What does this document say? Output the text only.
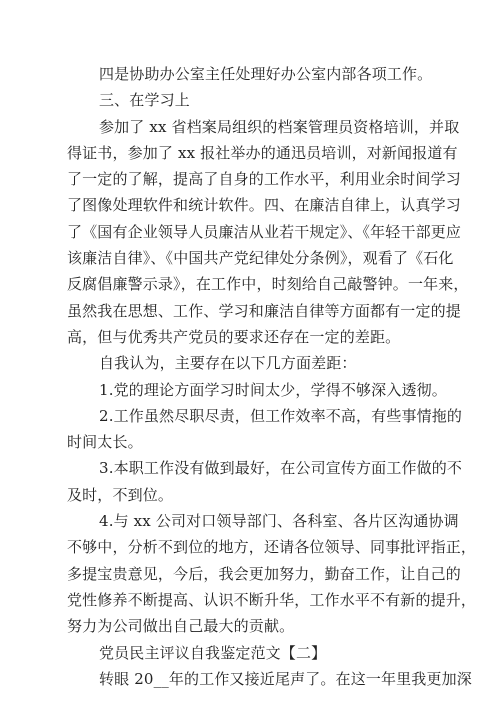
四是协助办公室主任处理好办公室内部各项工作。
三、在学习上
参加了 xx 省档案局组织的档案管理员资格培训，并取
得证书，参加了 xx 报社举办的通迅员培训，对新闻报道有
了一定的了解，提高了自身的工作水平，利用业余时间学习
了图像处理软件和统计软件。四、在廉洁自律上，认真学习
了《国有企业领导人员廉洁从业若干规定》、《年轻干部更应
该廉洁自律》、《中国共产党纪律处分条例》，观看了《石化
反腐倡廉警示录》，在工作中，时刻给自己敲警钟。一年来，
虽然我在思想、工作、学习和廉洁自律等方面都有一定的提
高，但与优秀共产党员的要求还存在一定的差距。
自我认为，主要存在以下几方面差距：
1.党的理论方面学习时间太少，学得不够深入透彻。
2.工作虽然尽职尽责，但工作效率不高，有些事情拖的
时间太长。
3.本职工作没有做到最好，在公司宣传方面工作做的不
及时，不到位。
4.与 xx 公司对口领导部门、各科室、各片区沟通协调
不够中，分析不到位的地方，还请各位领导、同事批评指正，
多提宝贵意见，今后，我会更加努力，勤奋工作，让自己的
党性修养不断提高、认识不断升华，工作水平不有新的提升，
努力为公司做出自己最大的贡献。
党员民主评议自我鉴定范文【二】
转眼 20__年的工作又接近尾声了。在这一年里我更加深
